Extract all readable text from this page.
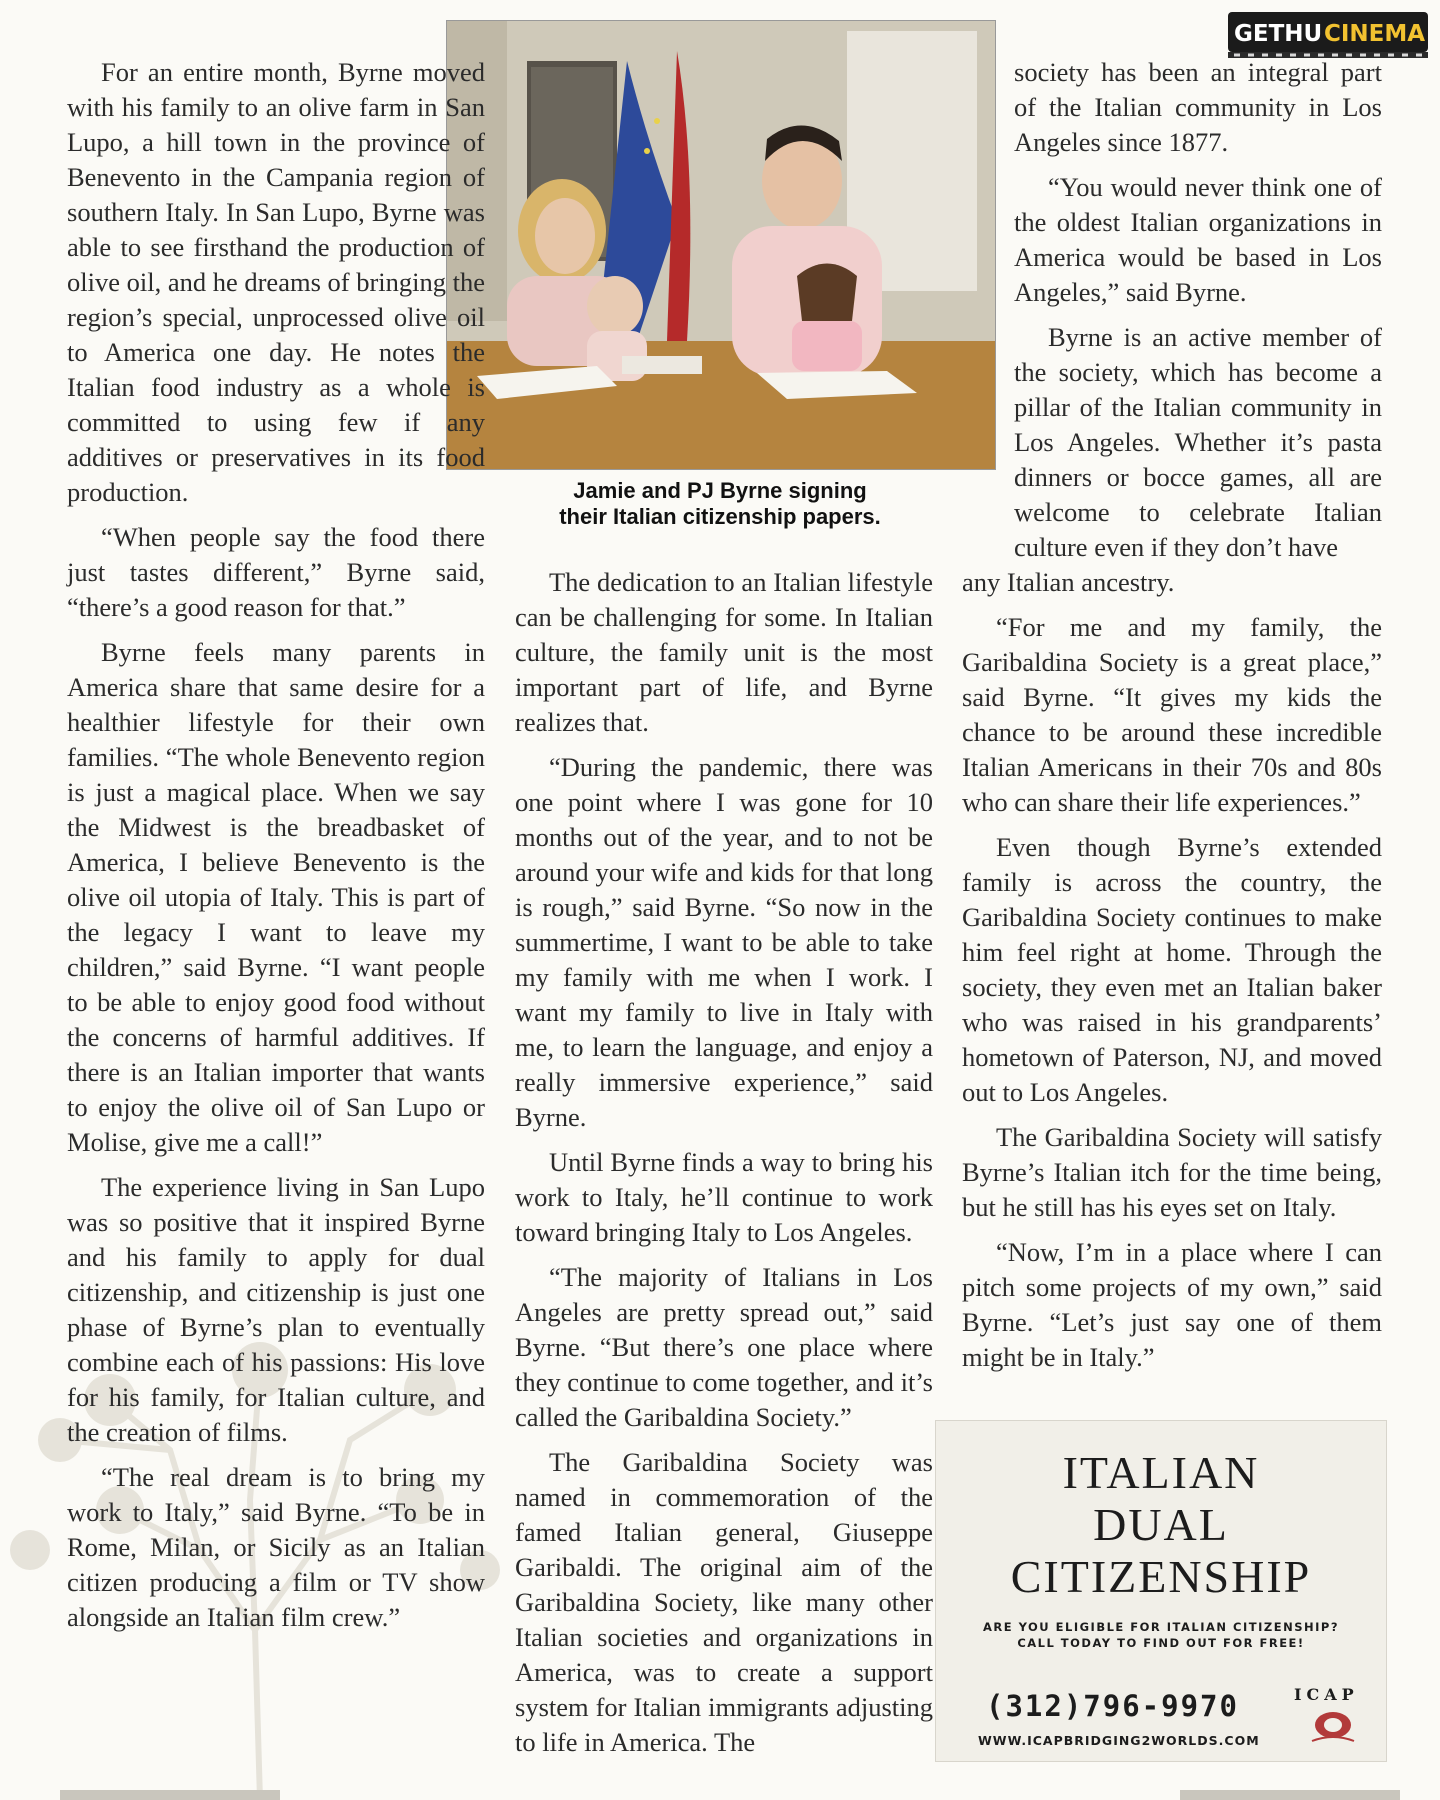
GETHU CINEMA
Jamie and PJ Byrne signing
their Italian citizenship papers.

For an entire month, Byrne moved with his family to an olive farm in San Lupo, a hill town in the province of Benevento in the Campania region of southern Italy. In San Lupo, Byrne was able to see firsthand the production of olive oil, and he dreams of bringing the region’s special, unprocessed olive oil to America one day. He notes the Italian food industry as a whole is committed to using few if any additives or preservatives in its food production.

“When people say the food there just tastes different,” Byrne said, “there’s a good reason for that.”

Byrne feels many parents in America share that same desire for a healthier lifestyle for their own families. “The whole Benevento region is just a magical place. When we say the Midwest is the breadbasket of America, I believe Benevento is the olive oil utopia of Italy. This is part of the legacy I want to leave my children,” said Byrne. “I want people to be able to enjoy good food without the concerns of harmful additives. If there is an Italian importer that wants to enjoy the olive oil of San Lupo or Molise, give me a call!”

The experience living in San Lupo was so positive that it inspired Byrne and his family to apply for dual citizenship, and citizenship is just one phase of Byrne’s plan to eventually combine each of his passions: His love for his family, for Italian culture, and the creation of films.

“The real dream is to bring my work to Italy,” said Byrne. “To be in Rome, Milan, or Sicily as an Italian citizen producing a film or TV show alongside an Italian film crew.”

The dedication to an Italian lifestyle can be challenging for some. In Italian culture, the family unit is the most important part of life, and Byrne realizes that.

“During the pandemic, there was one point where I was gone for 10 months out of the year, and to not be around your wife and kids for that long is rough,” said Byrne. “So now in the summertime, I want to be able to take my family with me when I work. I want my family to live in Italy with me, to learn the language, and enjoy a really immersive experience,” said Byrne.

Until Byrne finds a way to bring his work to Italy, he’ll continue to work toward bringing Italy to Los Angeles.

“The majority of Italians in Los Angeles are pretty spread out,” said Byrne. “But there’s one place where they continue to come together, and it’s called the Garibaldina Society.”

The Garibaldina Society was named in commemoration of the famed Italian general, Giuseppe Garibaldi. The original aim of the Garibaldina Society, like many other Italian societies and organizations in America, was to create a support system for Italian immigrants adjusting to life in America. The

society has been an integral part of the Italian community in Los Angeles since 1877.

“You would never think one of the oldest Italian organizations in America would be based in Los Angeles,” said Byrne.

Byrne is an active member of the society, which has become a pillar of the Italian community in Los Angeles. Whether it’s pasta dinners or bocce games, all are welcome to celebrate Italian culture even if they don’t have

any Italian ancestry.

“For me and my family, the Garibaldina Society is a great place,” said Byrne. “It gives my kids the chance to be around these incredible Italian Americans in their 70s and 80s who can share their life experiences.”

Even though Byrne’s extended family is across the country, the Garibaldina Society continues to make him feel right at home. Through the society, they even met an Italian baker who was raised in his grandparents’ hometown of Paterson, NJ, and moved out to Los Angeles.

The Garibaldina Society will satisfy Byrne’s Italian itch for the time being, but he still has his eyes set on Italy.

“Now, I’m in a place where I can pitch some projects of my own,” said Byrne. “Let’s just say one of them might be in Italy.”

ITALIAN
DUAL
CITIZENSHIP
ARE YOU ELIGIBLE FOR ITALIAN CITIZENSHIP?
CALL TODAY TO FIND OUT FOR FREE!
(312)796-9970	ICAP
WWW.ICAPBRIDGING2WORLDS.COM
